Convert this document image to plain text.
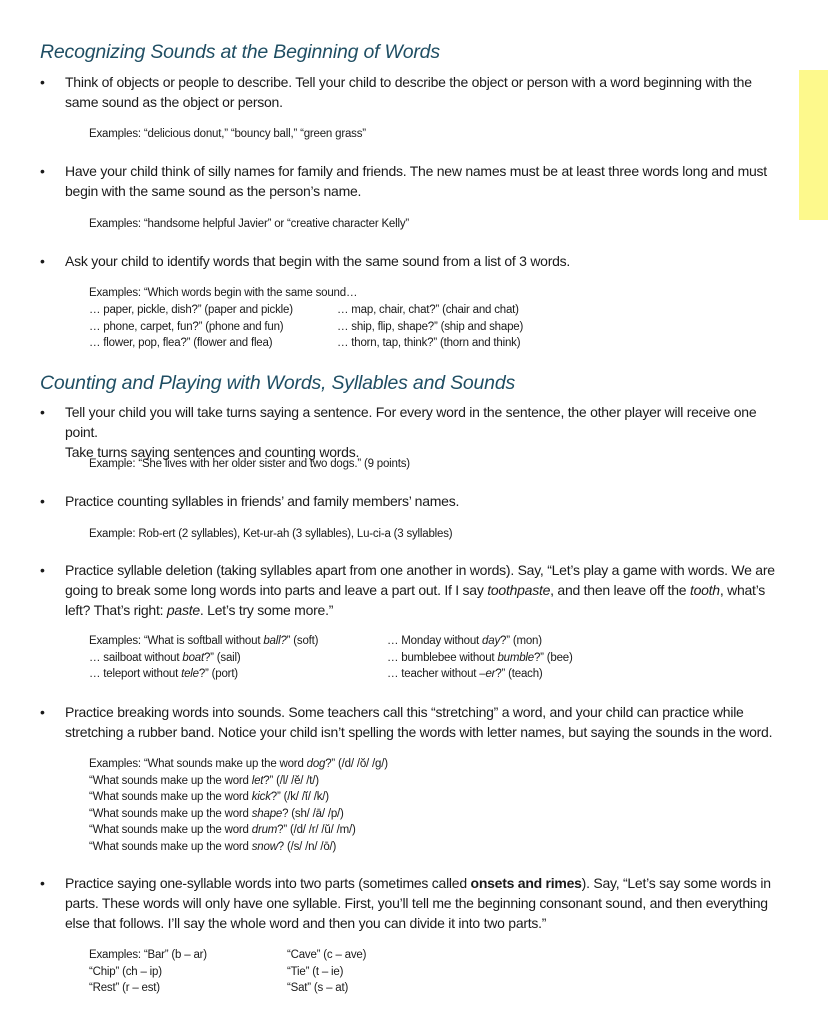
Recognizing Sounds at the Beginning of Words
• Think of objects or people to describe. Tell your child to describe the object or person with a word beginning with the
same sound as the object or person.
Examples: “delicious donut,” “bouncy ball,” “green grass”
• Have your child think of silly names for family and friends. The new names must be at least three words long and must
begin with the same sound as the person’s name.
Examples: “handsome helpful Javier” or “creative character Kelly”
• Ask your child to identify words that begin with the same sound from a list of 3 words.
Examples: “Which words begin with the same sound…
… paper, pickle, dish?” (paper and pickle)
… phone, carpet, fun?” (phone and fun)
… flower, pop, flea?” (flower and flea)
… map, chair, chat?” (chair and chat)
… ship, flip, shape?” (ship and shape)
… thorn, tap, think?” (thorn and think)
Counting and Playing with Words, Syllables and Sounds
• Tell your child you will take turns saying a sentence. For every word in the sentence, the other player will receive one point.
Take turns saying sentences and counting words.
Example: “She lives with her older sister and two dogs.” (9 points)
• Practice counting syllables in friends’ and family members’ names.
Example: Rob-ert (2 syllables), Ket-ur-ah (3 syllables), Lu-ci-a (3 syllables)
• Practice syllable deletion (taking syllables apart from one another in words). Say, “Let’s play a game with words. We are
going to break some long words into parts and leave a part out. If I say toothpaste, and then leave off the tooth, what’s
left? That’s right: paste. Let’s try some more.”
Examples: “What is softball without ball?” (soft)
… sailboat without boat?” (sail)
… teleport without tele?” (port)
… Monday without day?” (mon)
… bumblebee without bumble?” (bee)
… teacher without –er?” (teach)
• Practice breaking words into sounds. Some teachers call this “stretching” a word, and your child can practice while
stretching a rubber band. Notice your child isn’t spelling the words with letter names, but saying the sounds in the word.
Examples: “What sounds make up the word dog?” (/d/ /ŏ/ /g/)
“What sounds make up the word let?” (/l/ /ĕ/ /t/)
“What sounds make up the word kick?” (/k/ /ĭ/ /k/)
“What sounds make up the word shape? (sh/ /ā/ /p/)
“What sounds make up the word drum?” (/d/ /r/ /ŭ/ /m/)
“What sounds make up the word snow? (/s/ /n/ /ō/)
• Practice saying one-syllable words into two parts (sometimes called onsets and rimes). Say, “Let’s say some words in
parts. These words will only have one syllable. First, you’ll tell me the beginning consonant sound, and then everything
else that follows. I’ll say the whole word and then you can divide it into two parts.”
Examples: “Bar” (b – ar)
“Chip” (ch – ip)
“Rest” (r – est)
“Cave” (c – ave)
“Tie” (t – ie)
“Sat” (s – at)
